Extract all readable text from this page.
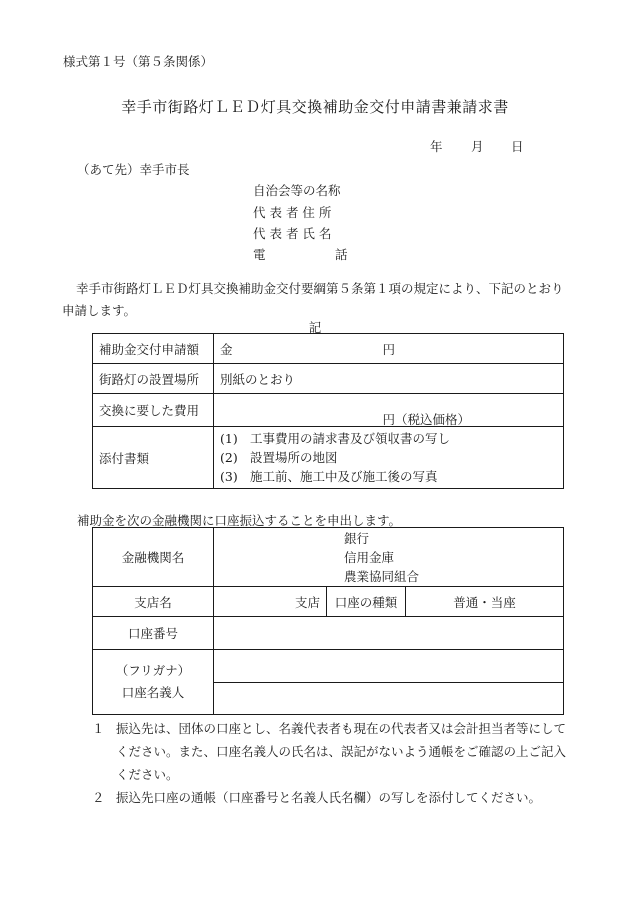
様式第１号（第５条関係）
幸手市街路灯ＬＥＤ灯具交換補助金交付申請書兼請求書
年 月 日
（あて先）幸手市長
自治会等の名称
代 表 者 住 所
代 表 者 氏 名
電	話
幸手市街路灯ＬＥＤ灯具交換補助金交付要綱第５条第１項の規定により、下記のとおり申請します。
記
補助金交付申請額	金 円

街路灯の設置場所	別紙のとおり
交換に要した費用	円（税込価格）

添付書類	(1) 工事費用の請求書及び領収書の写し
(2) 設置場所の地図
(3) 施工前、施工中及び施工後の写真
補助金を次の金融機関に口座振込することを申出します。
金融機関名	銀行
信用金庫
農業協同組合		

支店名	支店	口座の種類	普通・当座
口座番号			

（フリガナ）
口座名義人			

１ 振込先は、団体の口座とし、名義代表者も現在の代表者又は会計担当者等にしてください。また、口座名義人の氏名は、誤記がないよう通帳をご確認の上ご記入ください。
２ 振込先口座の通帳（口座番号と名義人氏名欄）の写しを添付してください。
